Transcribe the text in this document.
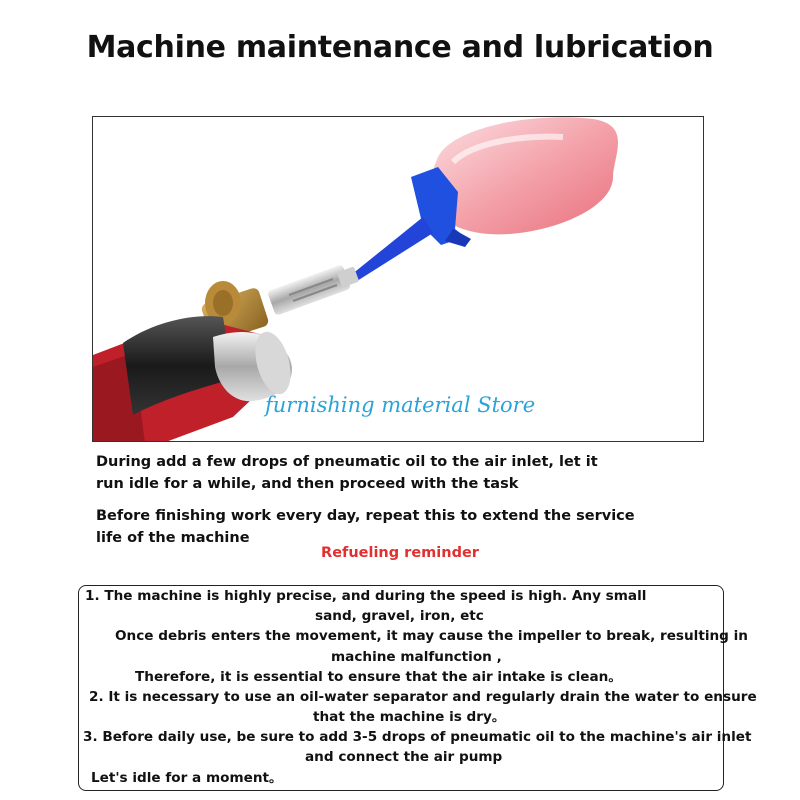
Machine maintenance and lubrication
furnishing material Store
During add a few drops of pneumatic oil to the air inlet, let it
run idle for a while, and then proceed with the task
Before finishing work every day, repeat this to extend the service
life of the machine
Refueling reminder
1. The machine is highly precise, and during the speed is high. Any small
sand, gravel, iron, etc
Once debris enters the movement, it may cause the impeller to break, resulting in
machine malfunction ,
Therefore, it is essential to ensure that the air intake is clean。
2. It is necessary to use an oil-water separator and regularly drain the water to ensure
that the machine is dry。
3. Before daily use, be sure to add 3-5 drops of pneumatic oil to the machine's air inlet
and connect the air pump
Let's idle for a moment。
